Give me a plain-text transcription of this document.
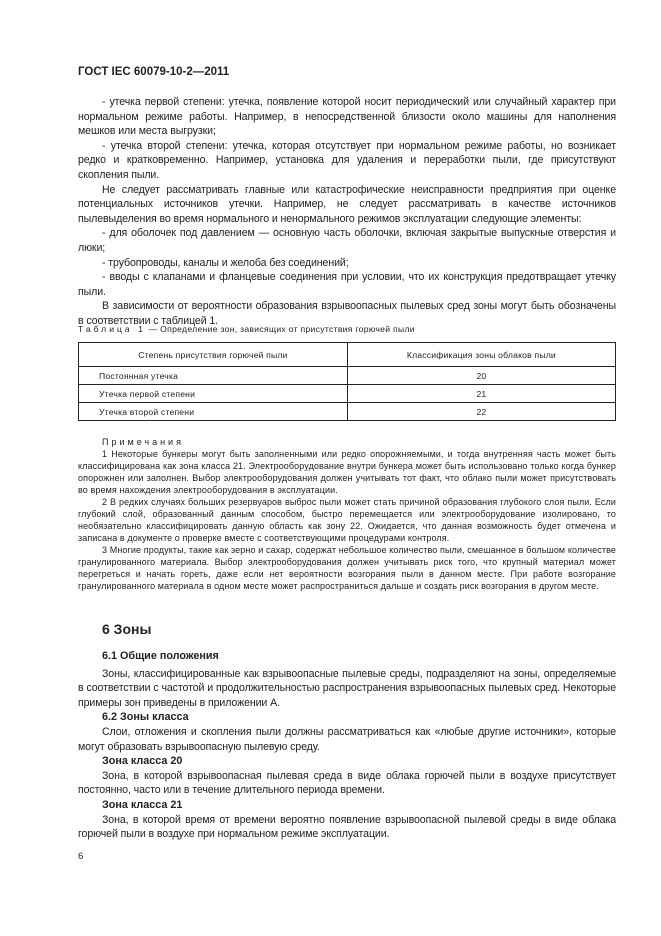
ГОСТ IEC 60079-10-2—2011

- утечка первой степени: утечка, появление которой носит периодический или случайный характер при нормальном режиме работы. Например, в непосредственной близости около машины для наполнения мешков или места выгрузки;

- утечка второй степени: утечка, которая отсутствует при нормальном режиме работы, но возникает редко и кратковременно. Например, установка для удаления и переработки пыли, где присутствуют скопления пыли.

Не следует рассматривать главные или катастрофические неисправности предприятия при оценке потенциальных источников утечки. Например, не следует рассматривать в качестве источников пылевыделения во время нормального и ненормального режимов эксплуатации следующие элементы:

- для оболочек под давлением — основную часть оболочки, включая закрытые выпускные отверстия и люки;

- трубопроводы, каналы и желоба без соединений;

- вводы с клапанами и фланцевые соединения при условии, что их конструкция предотвращает утечку пыли.

В зависимости от вероятности образования взрывоопасных пылевых сред зоны могут быть обозначены в соответствии с таблицей 1.

Таблица 1 — Определение зон, зависящих от присутствия горючей пыли
Степень присутствия горючей пыли	Классификация зоны облаков пыли
Постоянная утечка	20
Утечка первой степени	21
Утечка второй степени	22

Примечания

1 Некоторые бункеры могут быть заполненными или редко опорожняемыми, и тогда внутренняя часть может быть классифицирована как зона класса 21. Электрооборудование внутри бункера может быть использовано только когда бункер опорожнен или заполнен. Выбор электрооборудования должен учитывать тот факт, что облако пыли может присутствовать во время нахождения электрооборудования в эксплуатации.

2 В редких случаях больших резервуаров выброс пыли может стать причиной образования глубокого слоя пыли. Если глубокий слой, образованный данным способом, быстро перемещается или электрооборудование изолировано, то необязательно классифицировать данную область как зону 22. Ожидается, что данная возможность будет отмечена и записана в документе о проверке вместе с соответствующими процедурами контроля.

3 Многие продукты, такие как зерно и сахар, содержат небольшое количество пыли, смешанное в большом количестве гранулированного материала. Выбор электрооборудования должен учитывать риск того, что крупный материал может перегреться и начать гореть, даже если нет вероятности возгорания пыли в данном месте. При работе возгорание гранулированного материала в одном месте может распространиться дальше и создать риск возгорания в другом месте.

6 Зоны

6.1 Общие положения

Зоны, классифицированные как взрывоопасные пылевые среды, подразделяют на зоны, определяемые в соответствии с частотой и продолжительностью распространения взрывоопасных пылевых сред. Некоторые примеры зон приведены в приложении А.

6.2 Зоны класса

Слои, отложения и скопления пыли должны рассматриваться как «любые другие источники», которые могут образовать взрывоопасную пылевую среду.

Зона класса 20

Зона, в которой взрывоопасная пылевая среда в виде облака горючей пыли в воздухе присутствует постоянно, часто или в течение длительного периода времени.

Зона класса 21

Зона, в которой время от времени вероятно появление взрывоопасной пылевой среды в виде облака горючей пыли в воздухе при нормальном режиме эксплуатации.

6
